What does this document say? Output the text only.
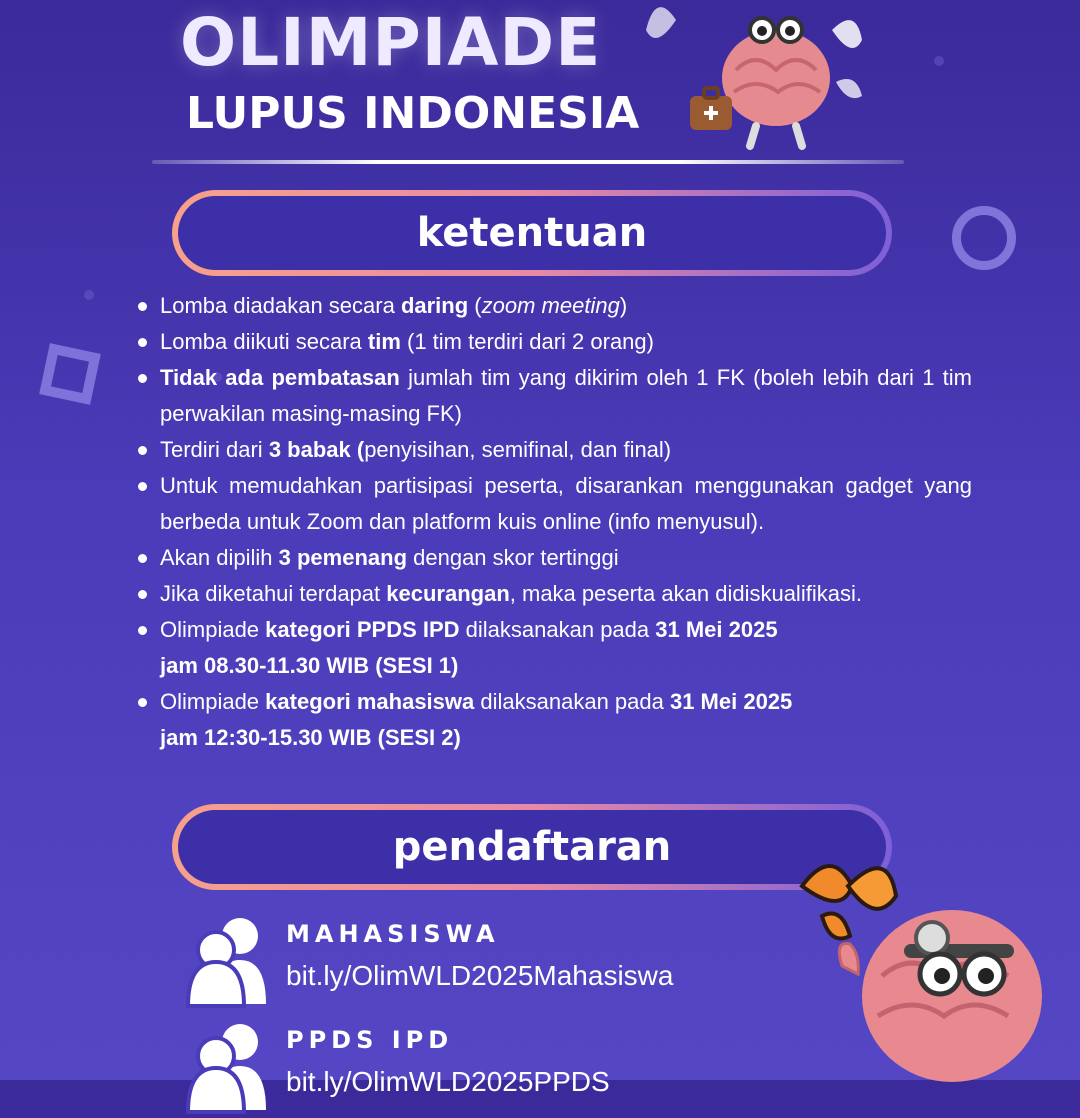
OLIMPIADE
LUPUS INDONESIA
ketentuan
Lomba diadakan secara daring (zoom meeting)
Lomba diikuti secara tim (1 tim terdiri dari 2 orang)
Tidak ada pembatasan jumlah tim yang dikirim oleh 1 FK (boleh lebih dari 1 tim perwakilan masing-masing FK)
Terdiri dari 3 babak (penyisihan, semifinal, dan final)
Untuk memudahkan partisipasi peserta, disarankan menggunakan gadget yang berbeda untuk Zoom dan platform kuis online (info menyusul).
Akan dipilih 3 pemenang dengan skor tertinggi
Jika diketahui terdapat kecurangan, maka peserta akan didiskualifikasi.
Olimpiade kategori PPDS IPD dilaksanakan pada 31 Mei 2025
jam 08.30-11.30 WIB (SESI 1)
Olimpiade kategori mahasiswa dilaksanakan pada 31 Mei 2025
jam 12:30-15.30 WIB (SESI 2)
pendaftaran
MAHASISWA
bit.ly/OlimWLD2025Mahasiswa
PPDS IPD
bit.ly/OlimWLD2025PPDS
